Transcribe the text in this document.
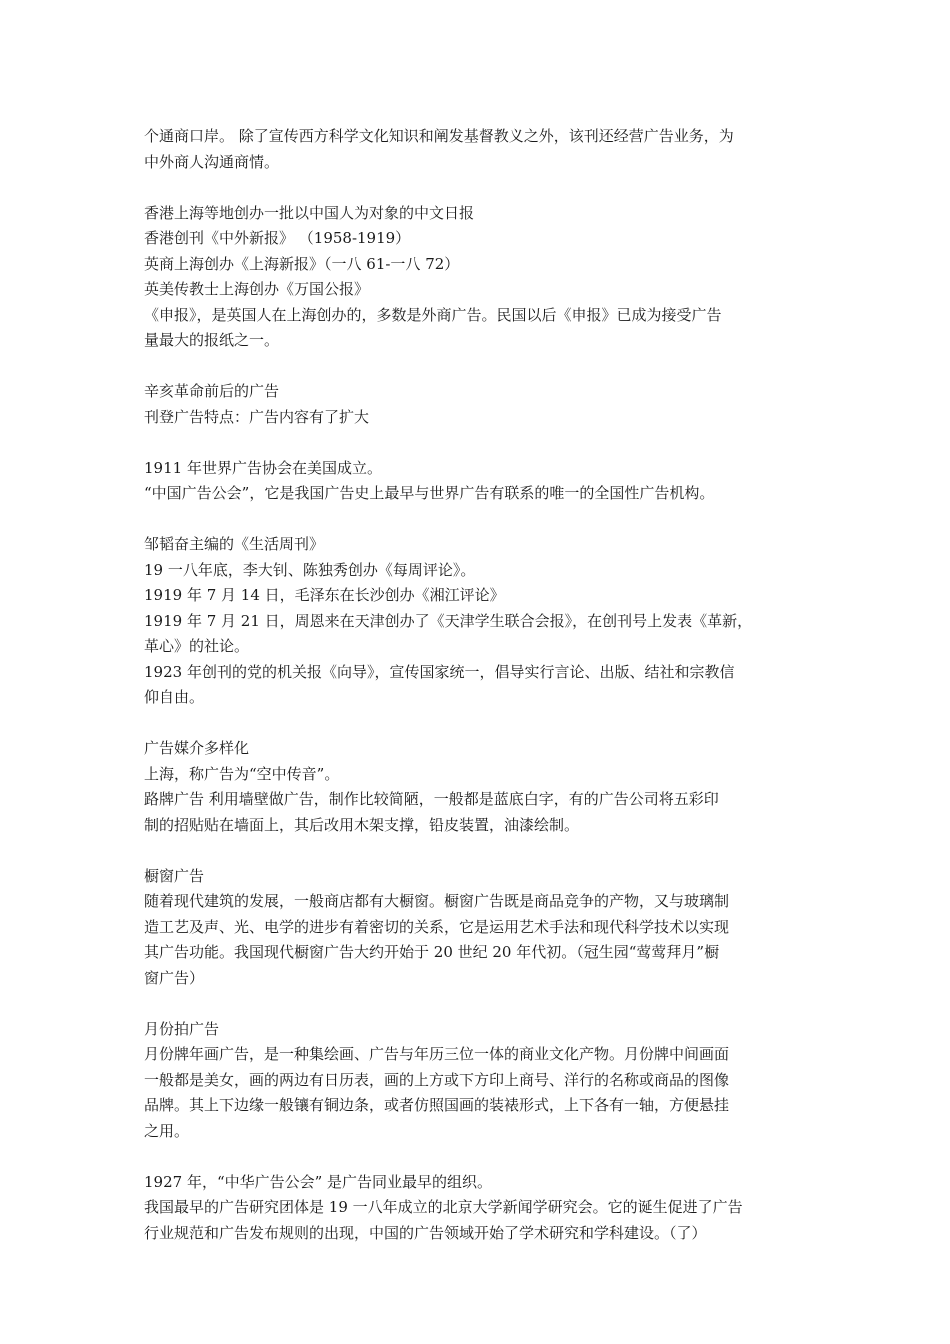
个通商口岸。 除了宣传西方科学文化知识和阐发基督教义之外，该刊还经营广告业务，为
中外商人沟通商情。
香港上海等地创办一批以中国人为对象的中文日报
香港创刊《中外新报》 （1958-1919）
英商上海创办《上海新报》（一八 61-一八 72）
英美传教士上海创办《万国公报》
《申报》，是英国人在上海创办的，多数是外商广告。民国以后《申报》已成为接受广告
量最大的报纸之一。
辛亥革命前后的广告
刊登广告特点：广告内容有了扩大
1911 年世界广告协会在美国成立。
“中国广告公会”，它是我国广告史上最早与世界广告有联系的唯一的全国性广告机构。
邹韬奋主编的《生活周刊》
19 一八年底，李大钊、陈独秀创办《每周评论》。
1919 年 7 月 14 日，毛泽东在长沙创办《湘江评论》
1919 年 7 月 21 日，周恩来在天津创办了《天津学生联合会报》，在创刊号上发表《革新，
革心》的社论。
1923 年创刊的党的机关报《向导》，宣传国家统一，倡导实行言论、出版、结社和宗教信
仰自由。
广告媒介多样化
上海，称广告为“空中传音”。
路牌广告 利用墙壁做广告，制作比较简陋，一般都是蓝底白字，有的广告公司将五彩印
制的招贴贴在墙面上，其后改用木架支撑，铅皮装置，油漆绘制。
橱窗广告
随着现代建筑的发展，一般商店都有大橱窗。橱窗广告既是商品竞争的产物，又与玻璃制
造工艺及声、光、电学的进步有着密切的关系，它是运用艺术手法和现代科学技术以实现
其广告功能。我国现代橱窗广告大约开始于 20 世纪 20 年代初。（冠生园“莺莺拜月”橱
窗广告）
月份拍广告
月份牌年画广告，是一种集绘画、广告与年历三位一体的商业文化产物。月份牌中间画面
一般都是美女，画的两边有日历表，画的上方或下方印上商号、洋行的名称或商品的图像
品牌。其上下边缘一般镶有铜边条，或者仿照国画的装裱形式，上下各有一轴，方便悬挂
之用。
1927 年，“中华广告公会” 是广告同业最早的组织。
我国最早的广告研究团体是 19 一八年成立的北京大学新闻学研究会。它的诞生促进了广告
行业规范和广告发布规则的出现，中国的广告领域开始了学术研究和学科建设。（了）
